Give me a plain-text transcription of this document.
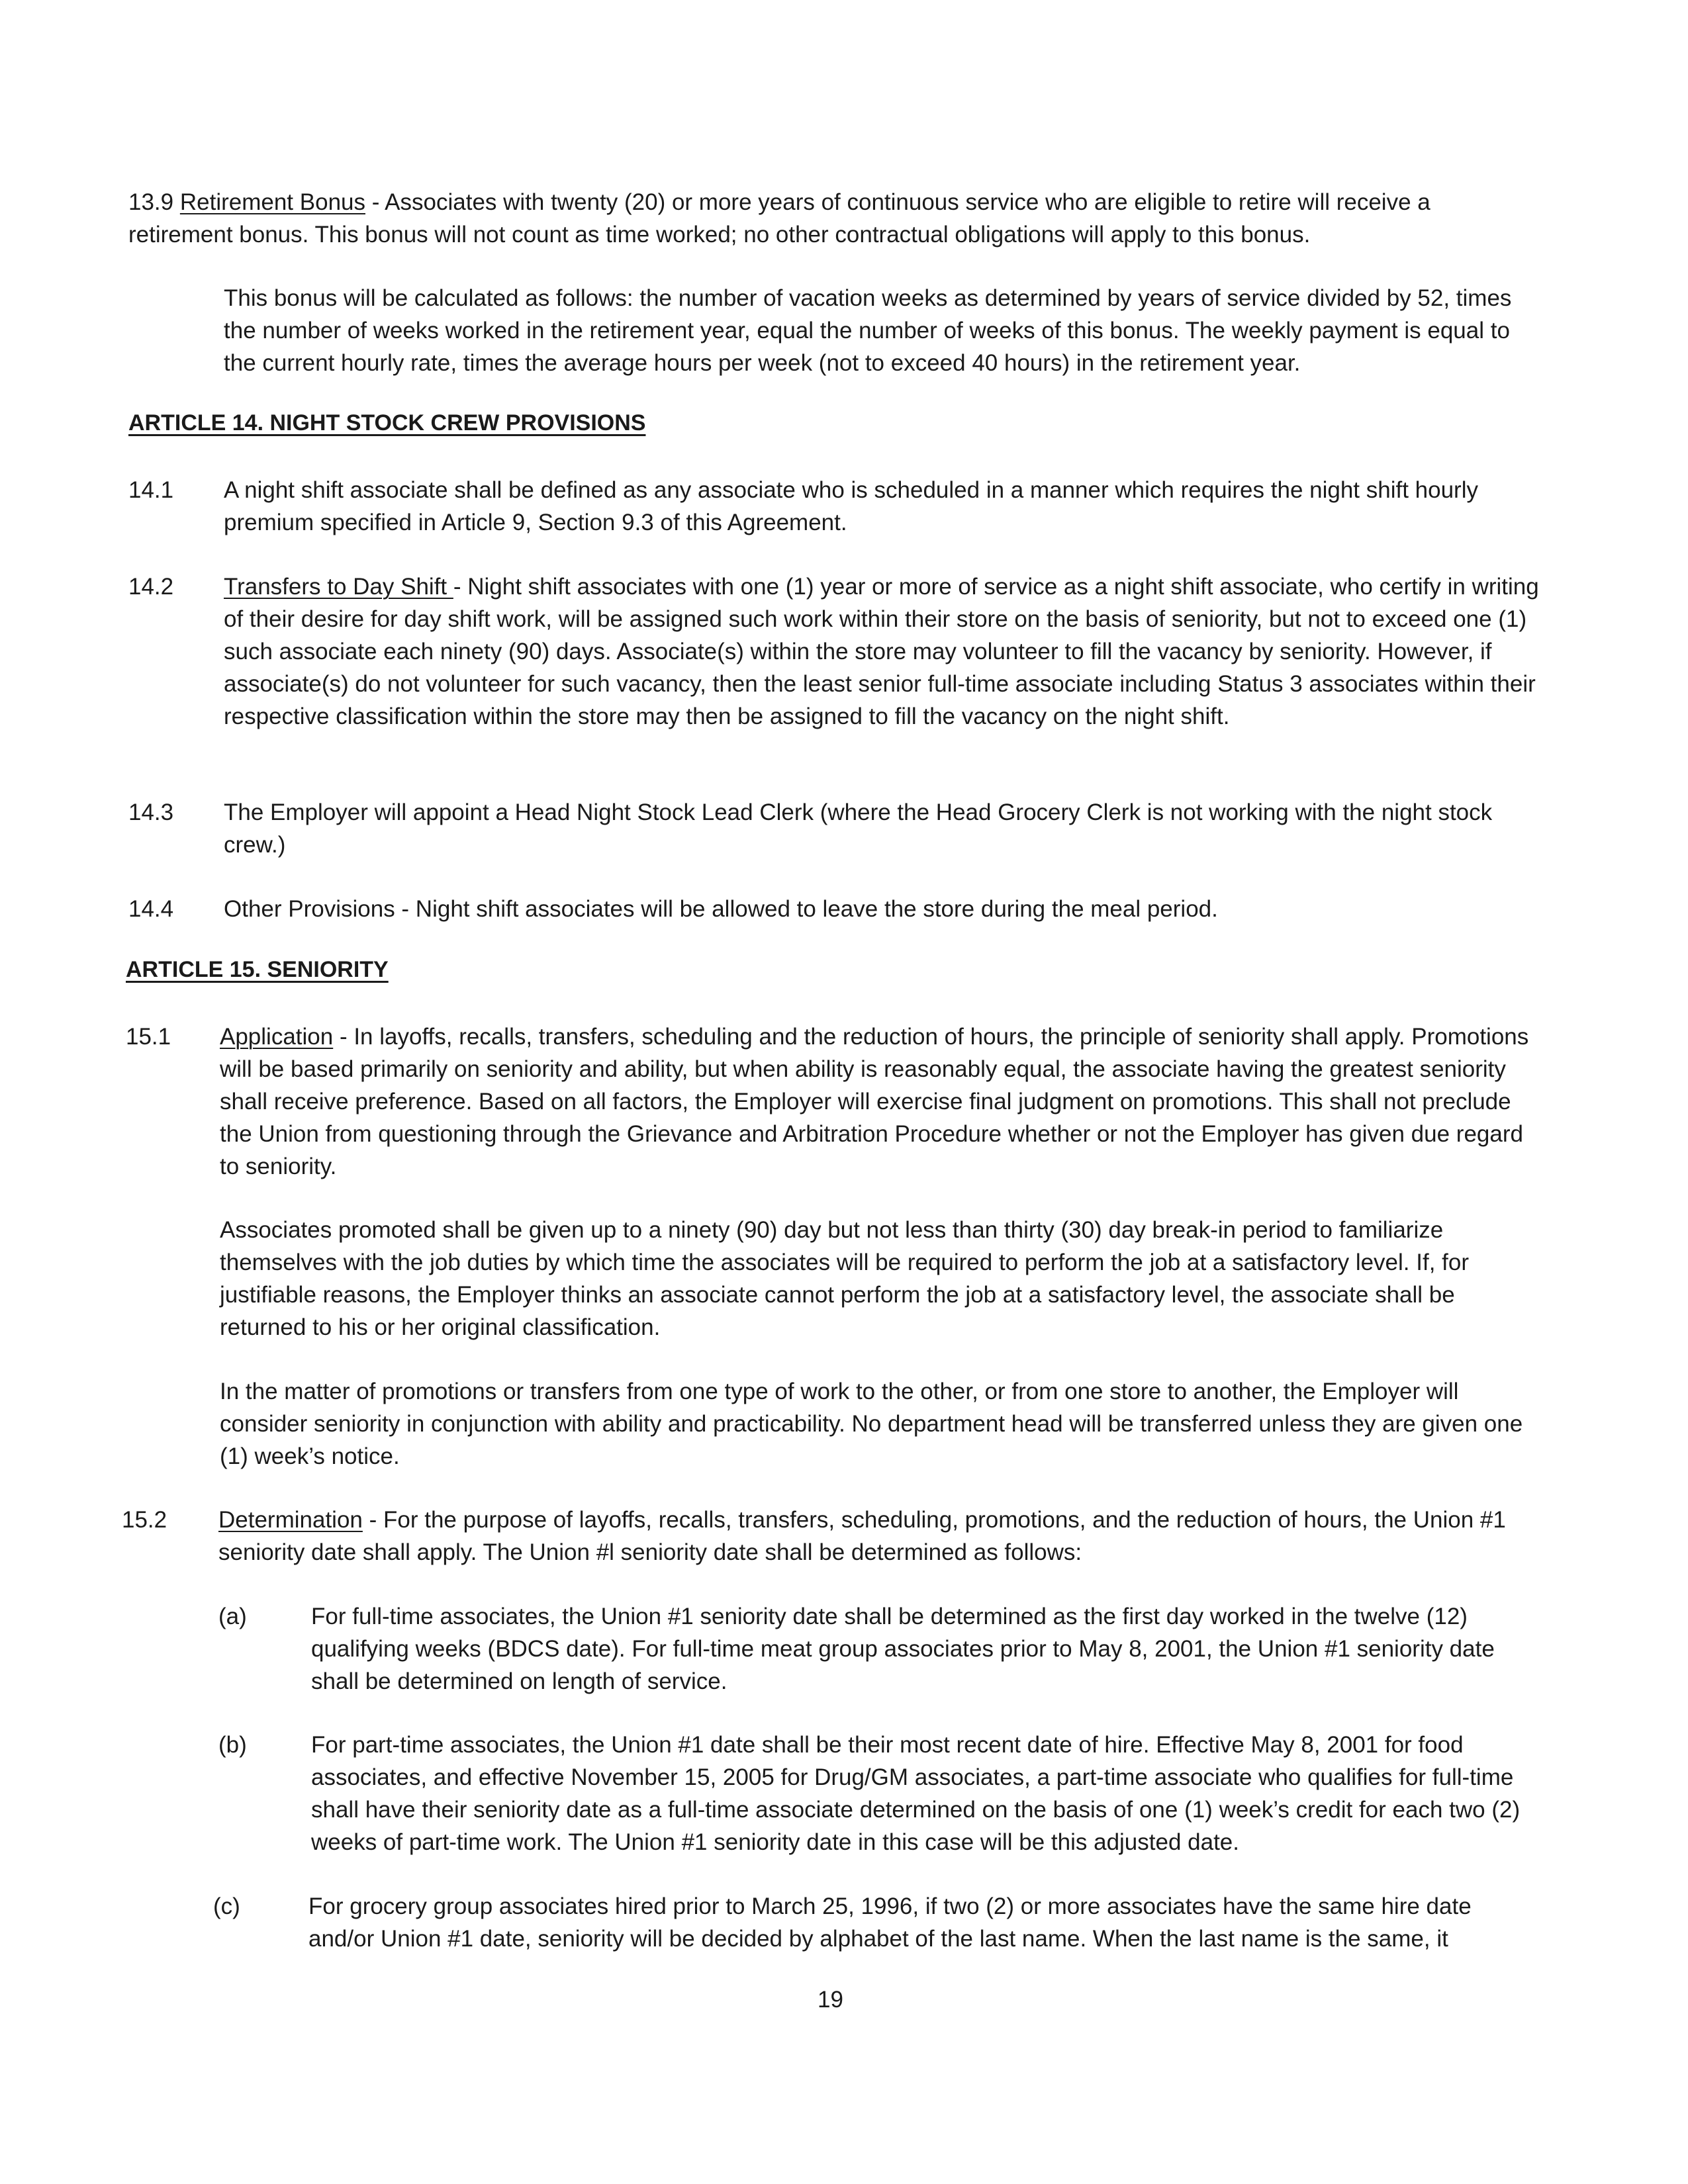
13.9 Retirement Bonus - Associates with twenty (20) or more years of continuous service who are eligible to retire will receive a retirement bonus. This bonus will not count as time worked; no other contractual obligations will apply to this bonus.
This bonus will be calculated as follows: the number of vacation weeks as determined by years of service divided by 52, times the number of weeks worked in the retirement year, equal the number of weeks of this bonus. The weekly payment is equal to the current hourly rate, times the average hours per week (not to exceed 40 hours) in the retirement year.
ARTICLE 14. NIGHT STOCK CREW PROVISIONS
14.1 A night shift associate shall be defined as any associate who is scheduled in a manner which requires the night shift hourly premium specified in Article 9, Section 9.3 of this Agreement.
14.2 Transfers to Day Shift - Night shift associates with one (1) year or more of service as a night shift associate, who certify in writing of their desire for day shift work, will be assigned such work within their store on the basis of seniority, but not to exceed one (1) such associate each ninety (90) days. Associate(s) within the store may volunteer to fill the vacancy by seniority. However, if associate(s) do not volunteer for such vacancy, then the least senior full-time associate including Status 3 associates within their respective classification within the store may then be assigned to fill the vacancy on the night shift.
14.3 The Employer will appoint a Head Night Stock Lead Clerk (where the Head Grocery Clerk is not working with the night stock crew.)
14.4 Other Provisions - Night shift associates will be allowed to leave the store during the meal period.
ARTICLE 15. SENIORITY
15.1 Application - In layoffs, recalls, transfers, scheduling and the reduction of hours, the principle of seniority shall apply. Promotions will be based primarily on seniority and ability, but when ability is reasonably equal, the associate having the greatest seniority shall receive preference. Based on all factors, the Employer will exercise final judgment on promotions. This shall not preclude the Union from questioning through the Grievance and Arbitration Procedure whether or not the Employer has given due regard to seniority.
Associates promoted shall be given up to a ninety (90) day but not less than thirty (30) day break-in period to familiarize themselves with the job duties by which time the associates will be required to perform the job at a satisfactory level. If, for justifiable reasons, the Employer thinks an associate cannot perform the job at a satisfactory level, the associate shall be returned to his or her original classification.
In the matter of promotions or transfers from one type of work to the other, or from one store to another, the Employer will consider seniority in conjunction with ability and practicability. No department head will be transferred unless they are given one (1) week’s notice.
15.2 Determination - For the purpose of layoffs, recalls, transfers, scheduling, promotions, and the reduction of hours, the Union #1 seniority date shall apply. The Union #l seniority date shall be determined as follows:
(a)	For full-time associates, the Union #1 seniority date shall be determined as the first day worked in the twelve (12) qualifying weeks (BDCS date). For full-time meat group associates prior to May 8, 2001, the Union #1 seniority date shall be determined on length of service.
(b)	For part-time associates, the Union #1 date shall be their most recent date of hire. Effective May 8, 2001 for food associates, and effective November 15, 2005 for Drug/GM associates, a part-time associate who qualifies for full-time shall have their seniority date as a full-time associate determined on the basis of one (1) week’s credit for each two (2) weeks of part-time work. The Union #1 seniority date in this case will be this adjusted date.
(c)	For grocery group associates hired prior to March 25, 1996, if two (2) or more associates have the same hire date and/or Union #1 date, seniority will be decided by alphabet of the last name. When the last name is the same, it
19
